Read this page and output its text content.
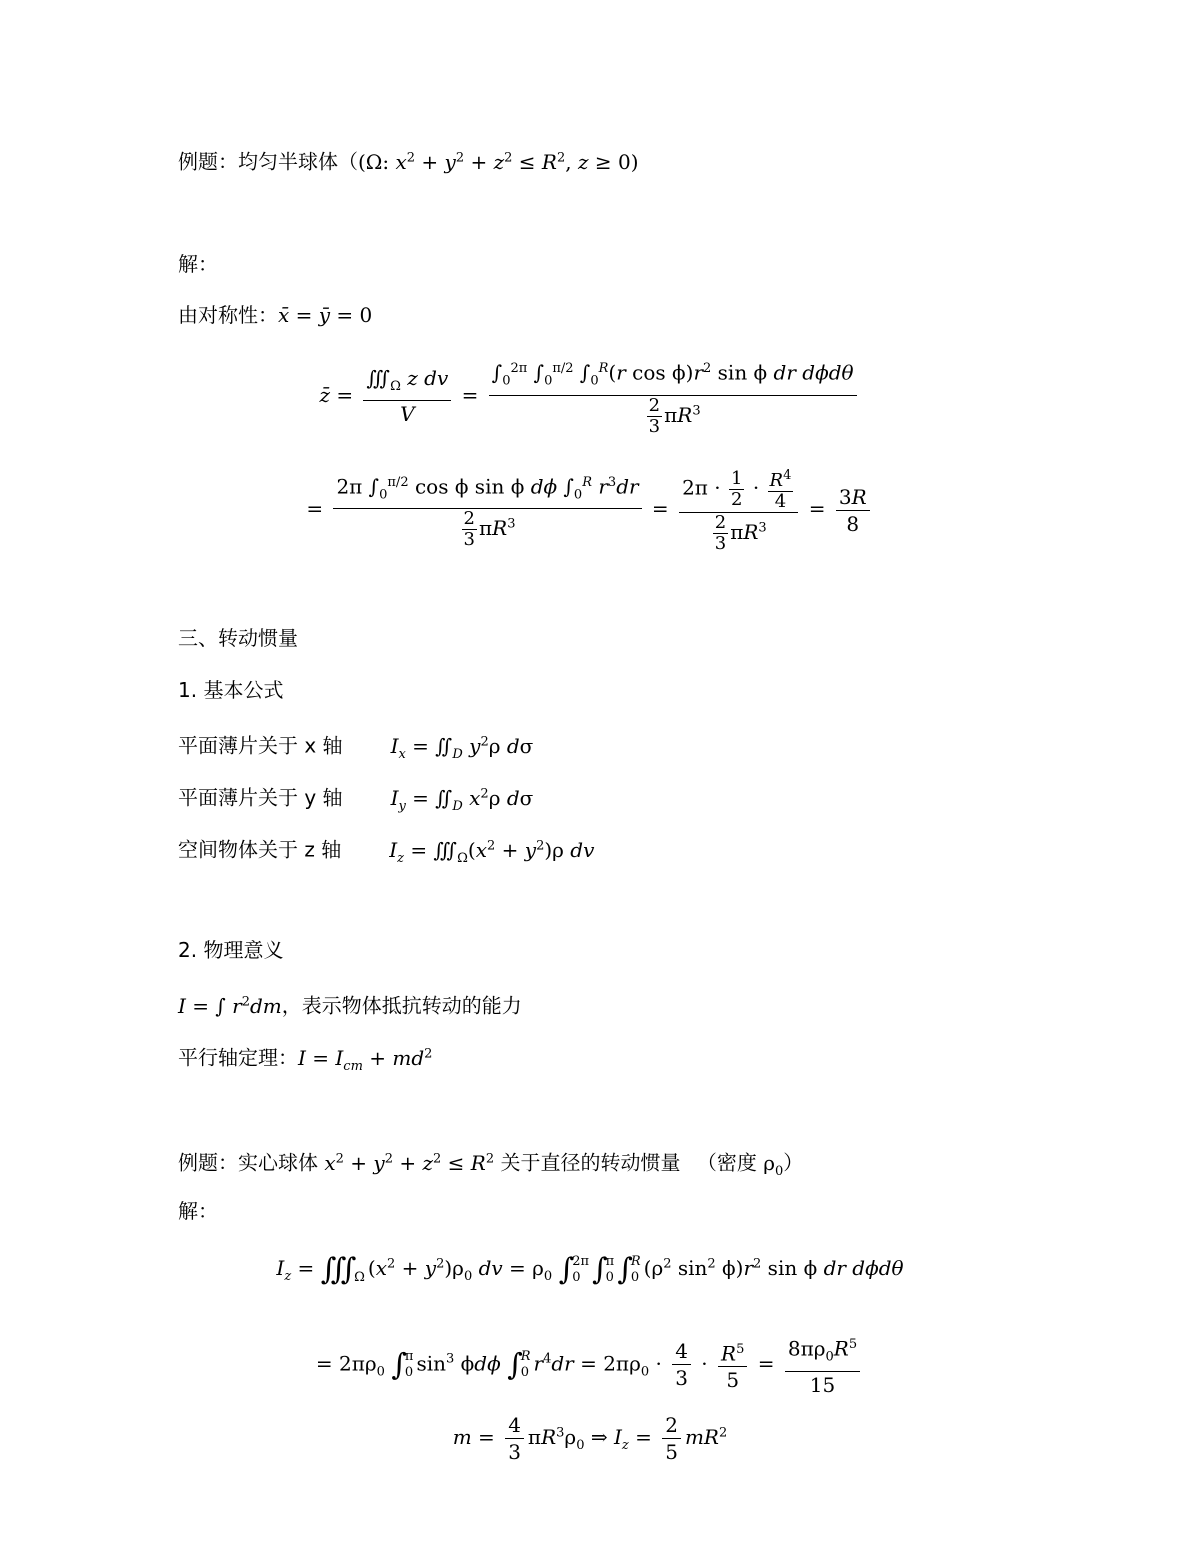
例题：均匀半球体（(Ω: $x^2 + y^2 + z^2 \le R^2$, z ≥ 0)
解：
由对称性：x̄ = ȳ = 0
z̄ = $\frac{∭_\Omega z dv}{V} = \frac{\int_0^{2\pi} \int_0^{\pi/2} \int_0^R(r \cos \phi)r^2 \sin \phi dr d\phi d\theta}{\frac{2}{3} \pi R^3}$
= $\frac{2\pi \int_0^{\pi/2} \cos \phi \sin \phi d\phi \int_0^R r^3dr}{\frac{2}{3} \pi R^3} = \frac{2\pi \cdot \frac{1}{2} \cdot \frac{R^4}{4}}{\frac{2}{3} \pi R^3} = \frac{3R}{8}$
三、转动惯量
1. 基本公式
平面薄片关于 x 轴 $I_x$ = $∬_D$ $y^2\rho$ dσ
平面薄片关于 y 轴 $I_y$ = $∬_D$ $x^2\rho$ dσ
空间物体关于 z 轴 $I_z$ = $∭_\Omega(x^2 + y^2)\rho$ dv
2. 物理意义
I = ∫ $r^2dm$，表示物体抵抗转动的能力
平行轴定理：$I = I_{cm} + md^2$
例题：实心球体 $x^2 + y^2 + z^2 \le R^2$ 关于直径的转动惯量 （密度 $\rho_0$）
解：
$I_z$ = ∭

Ω $(x^2 + y^2)\rho_0$ dv = $\rho_0$ ∫
2π
0 ∫
π
0 ∫
R
0 ($\rho^2$ $\sin^2 \phi)r^2$ sin ϕ dr dϕdθ
= $2\pi\rho_0$ ∫
π
0 $\sin^3 \phi d\phi$ ∫
R
0 $r^4dr = 2\pi\rho_0 \cdot \frac{4}{3} \cdot \frac{R^5}{5} = \frac{8\pi\rho_0R^5}{15}$
$m = \frac{4}{3} \pi R^3\rho_0$ ⇒ $I_z = \frac{2}{5} mR^2$
